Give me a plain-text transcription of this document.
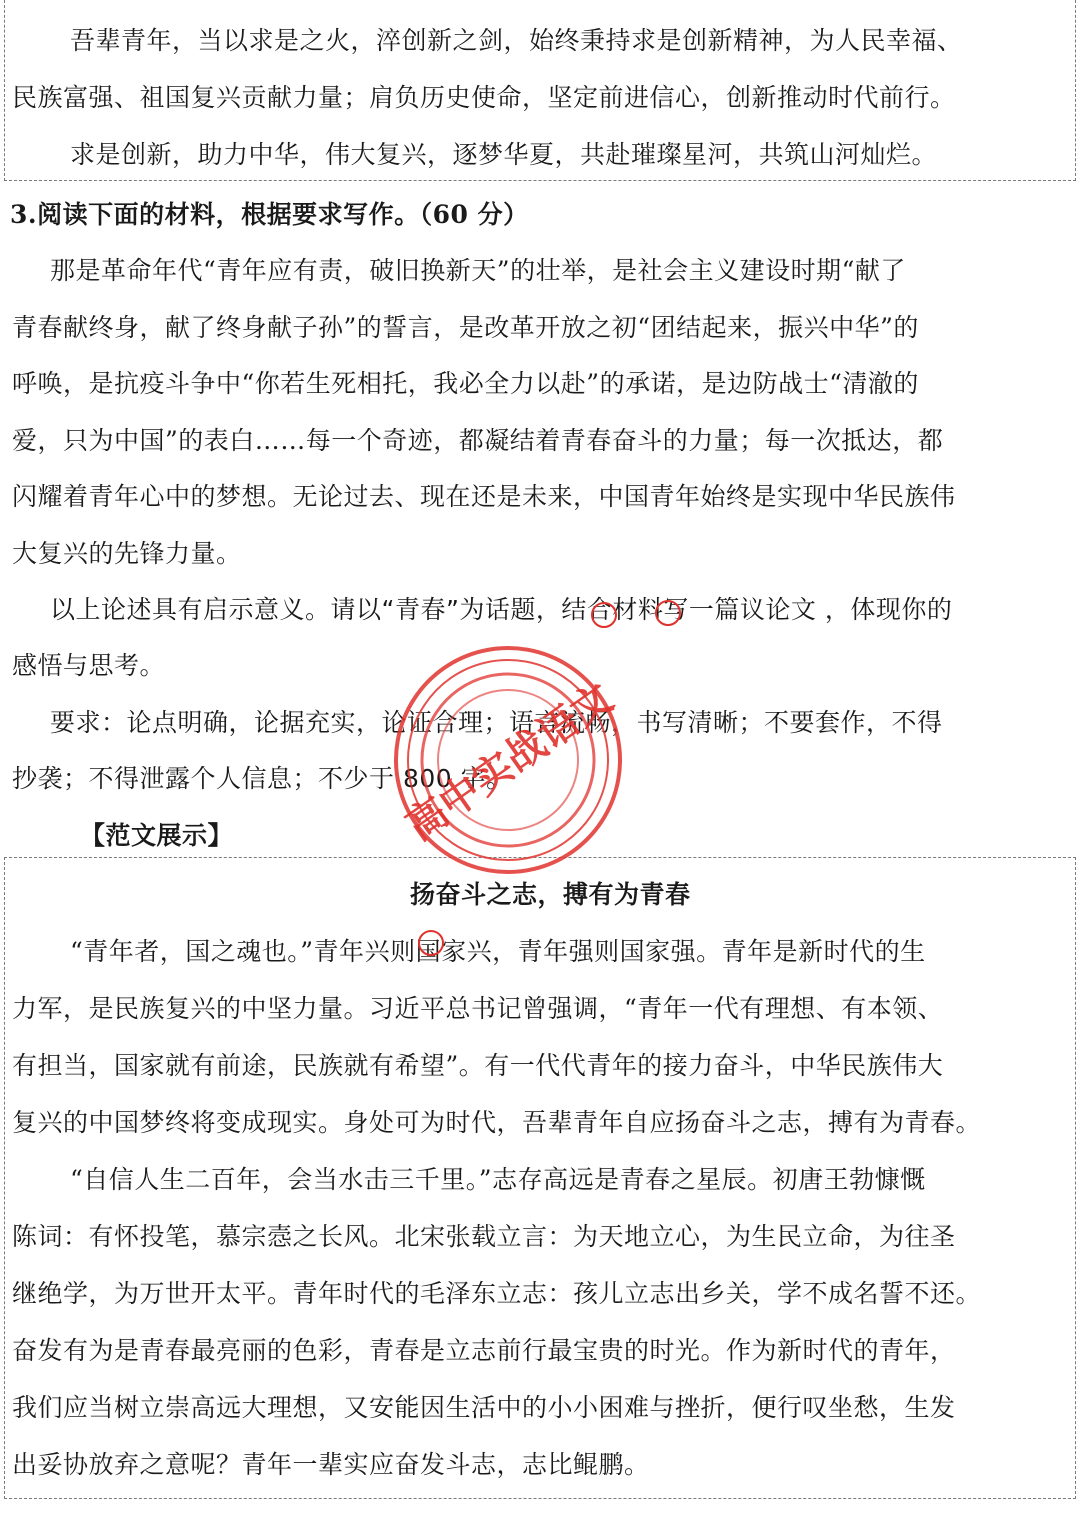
吾辈青年，当以求是之火，淬创新之剑，始终秉持求是创新精神，为人民幸福、
民族富强、祖国复兴贡献力量；肩负历史使命，坚定前进信心，创新推动时代前行。
求是创新，助力中华，伟大复兴，逐梦华夏，共赴璀璨星河，共筑山河灿烂。
3.阅读下面的材料，根据要求写作。（60 分）
那是革命年代“青年应有责，破旧换新天”的壮举，是社会主义建设时期“献了
青春献终身，献了终身献子孙”的誓言，是改革开放之初“团结起来，振兴中华”的
呼唤，是抗疫斗争中“你若生死相托，我必全力以赴”的承诺，是边防战士“清澈的
爱，只为中国”的表白……每一个奇迹，都凝结着青春奋斗的力量；每一次抵达，都
闪耀着青年心中的梦想。无论过去、现在还是未来，中国青年始终是实现中华民族伟
大复兴的先锋力量。
以上论述具有启示意义。请以“青春”为话题，结合材料写一篇议论文 ，体现你的
感悟与思考。
要求：论点明确，论据充实，论证合理；语言流畅，书写清晰；不要套作，不得
抄袭；不得泄露个人信息；不少于 800 字。
【范文展示】
扬奋斗之志，搏有为青春
“青年者，国之魂也。”青年兴则国家兴，青年强则国家强。青年是新时代的生
力军，是民族复兴的中坚力量。习近平总书记曾强调，“青年一代有理想、有本领、
有担当，国家就有前途，民族就有希望”。有一代代青年的接力奋斗，中华民族伟大
复兴的中国梦终将变成现实。身处可为时代，吾辈青年自应扬奋斗之志，搏有为青春。
“自信人生二百年，会当水击三千里。”志存高远是青春之星辰。初唐王勃慷慨
陈词：有怀投笔，慕宗悫之长风。北宋张载立言：为天地立心，为生民立命，为往圣
继绝学，为万世开太平。青年时代的毛泽东立志：孩儿立志出乡关，学不成名誓不还。
奋发有为是青春最亮丽的色彩，青春是立志前行最宝贵的时光。作为新时代的青年，
我们应当树立崇高远大理想，又安能因生活中的小小困难与挫折，便行叹坐愁，生发
出妥协放弃之意呢？青年一辈实应奋发斗志，志比鲲鹏。
高中实战语文
